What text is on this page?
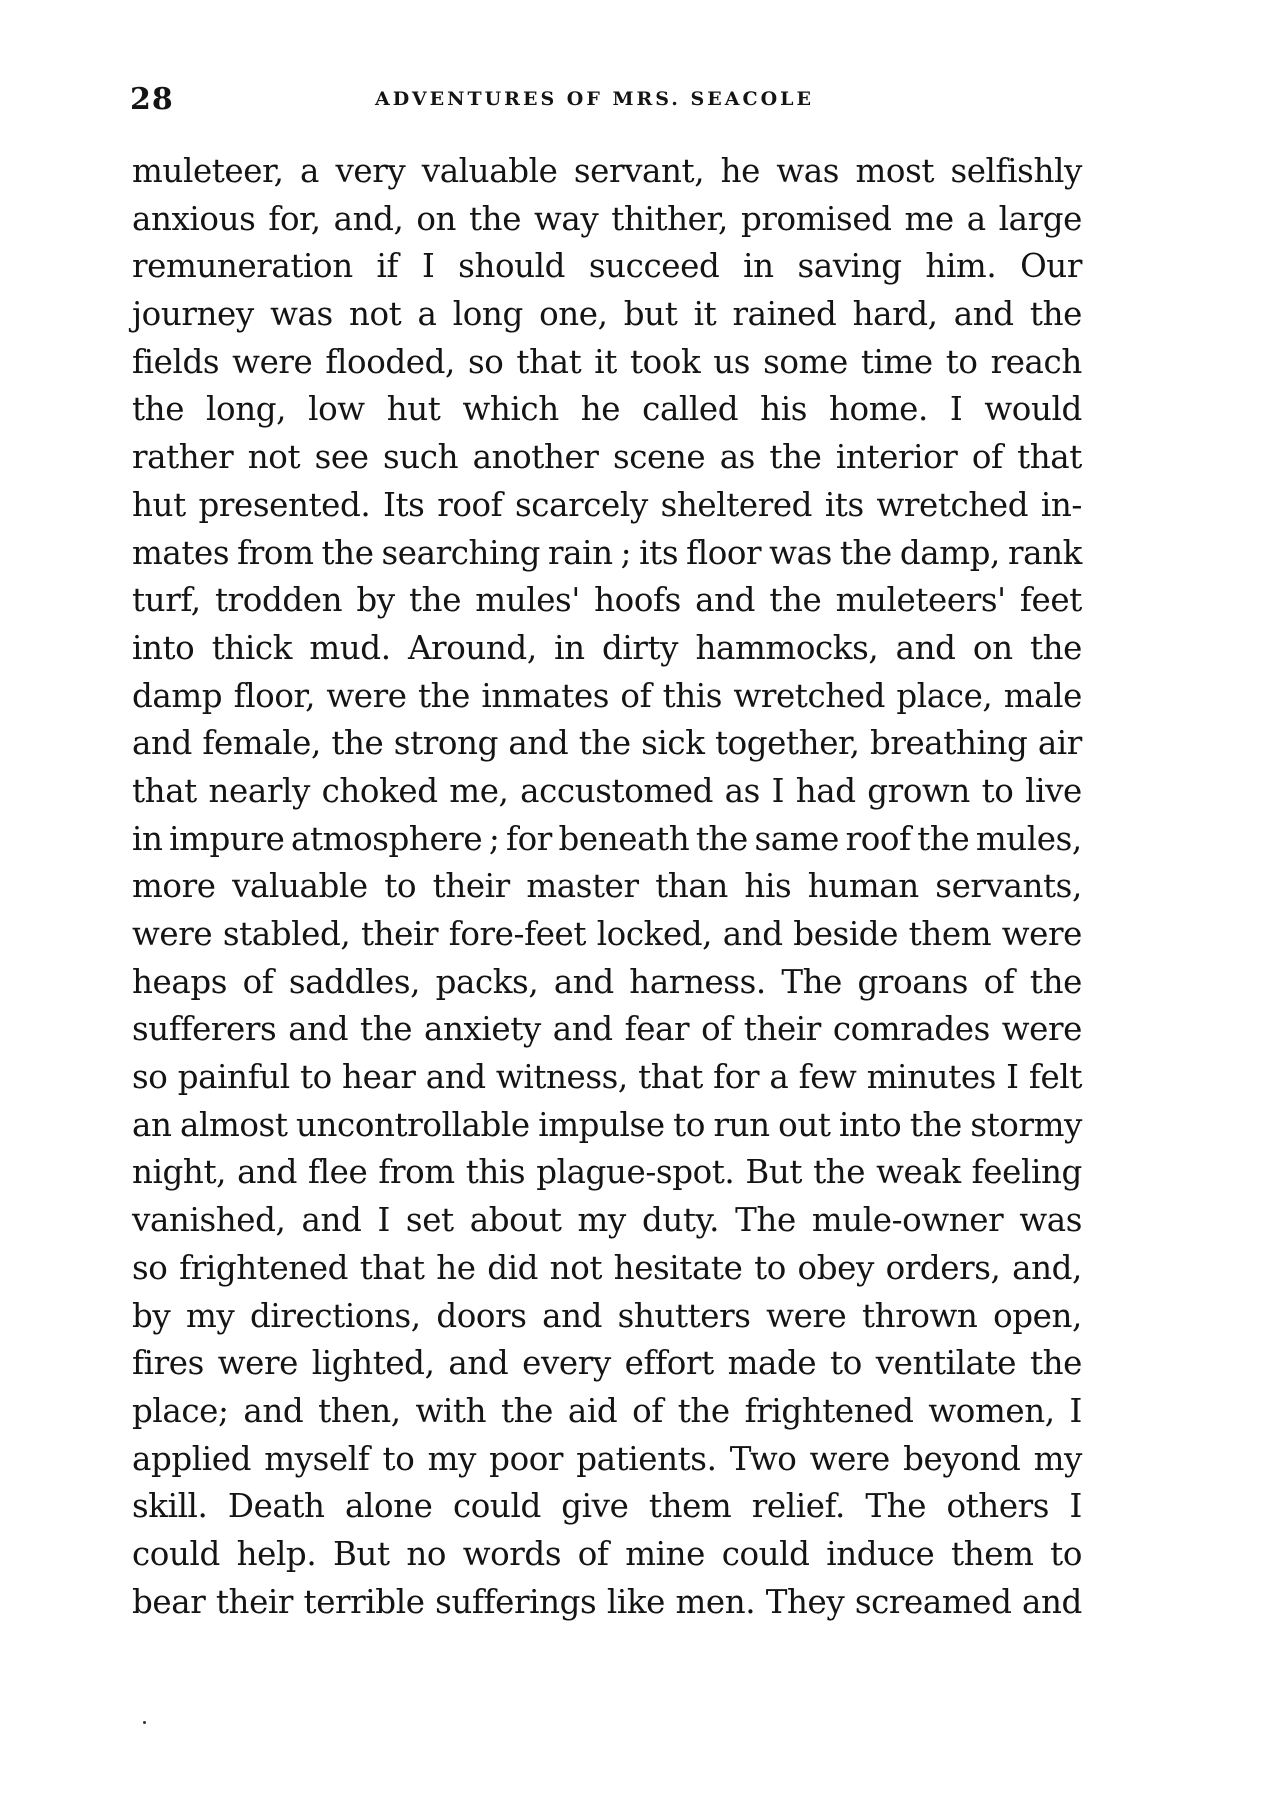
28	ADVENTURES OF MRS. SEACOLE
muleteer, a very valuable servant, he was most selfishly
anxious for, and, on the way thither, promised me a large
remuneration if I should succeed in saving him. Our
journey was not a long one, but it rained hard, and the
fields were flooded, so that it took us some time to reach
the long, low hut which he called his home. I would
rather not see such another scene as the interior of that
hut presented. Its roof scarcely sheltered its wretched in-
mates from the searching rain ; its floor was the damp, rank
turf, trodden by the mules' hoofs and the muleteers' feet
into thick mud. Around, in dirty hammocks, and on the
damp floor, were the inmates of this wretched place, male
and female, the strong and the sick together, breathing air
that nearly choked me, accustomed as I had grown to live
in impure atmosphere ; for beneath the same roof the mules,
more valuable to their master than his human servants,
were stabled, their fore-feet locked, and beside them were
heaps of saddles, packs, and harness. The groans of the
sufferers and the anxiety and fear of their comrades were
so painful to hear and witness, that for a few minutes I felt
an almost uncontrollable impulse to run out into the stormy
night, and flee from this plague-spot. But the weak feeling
vanished, and I set about my duty. The mule-owner was
so frightened that he did not hesitate to obey orders, and,
by my directions, doors and shutters were thrown open,
fires were lighted, and every effort made to ventilate the
place; and then, with the aid of the frightened women, I
applied myself to my poor patients. Two were beyond my
skill. Death alone could give them relief. The others I
could help. But no words of mine could induce them to
bear their terrible sufferings like men. They screamed and
